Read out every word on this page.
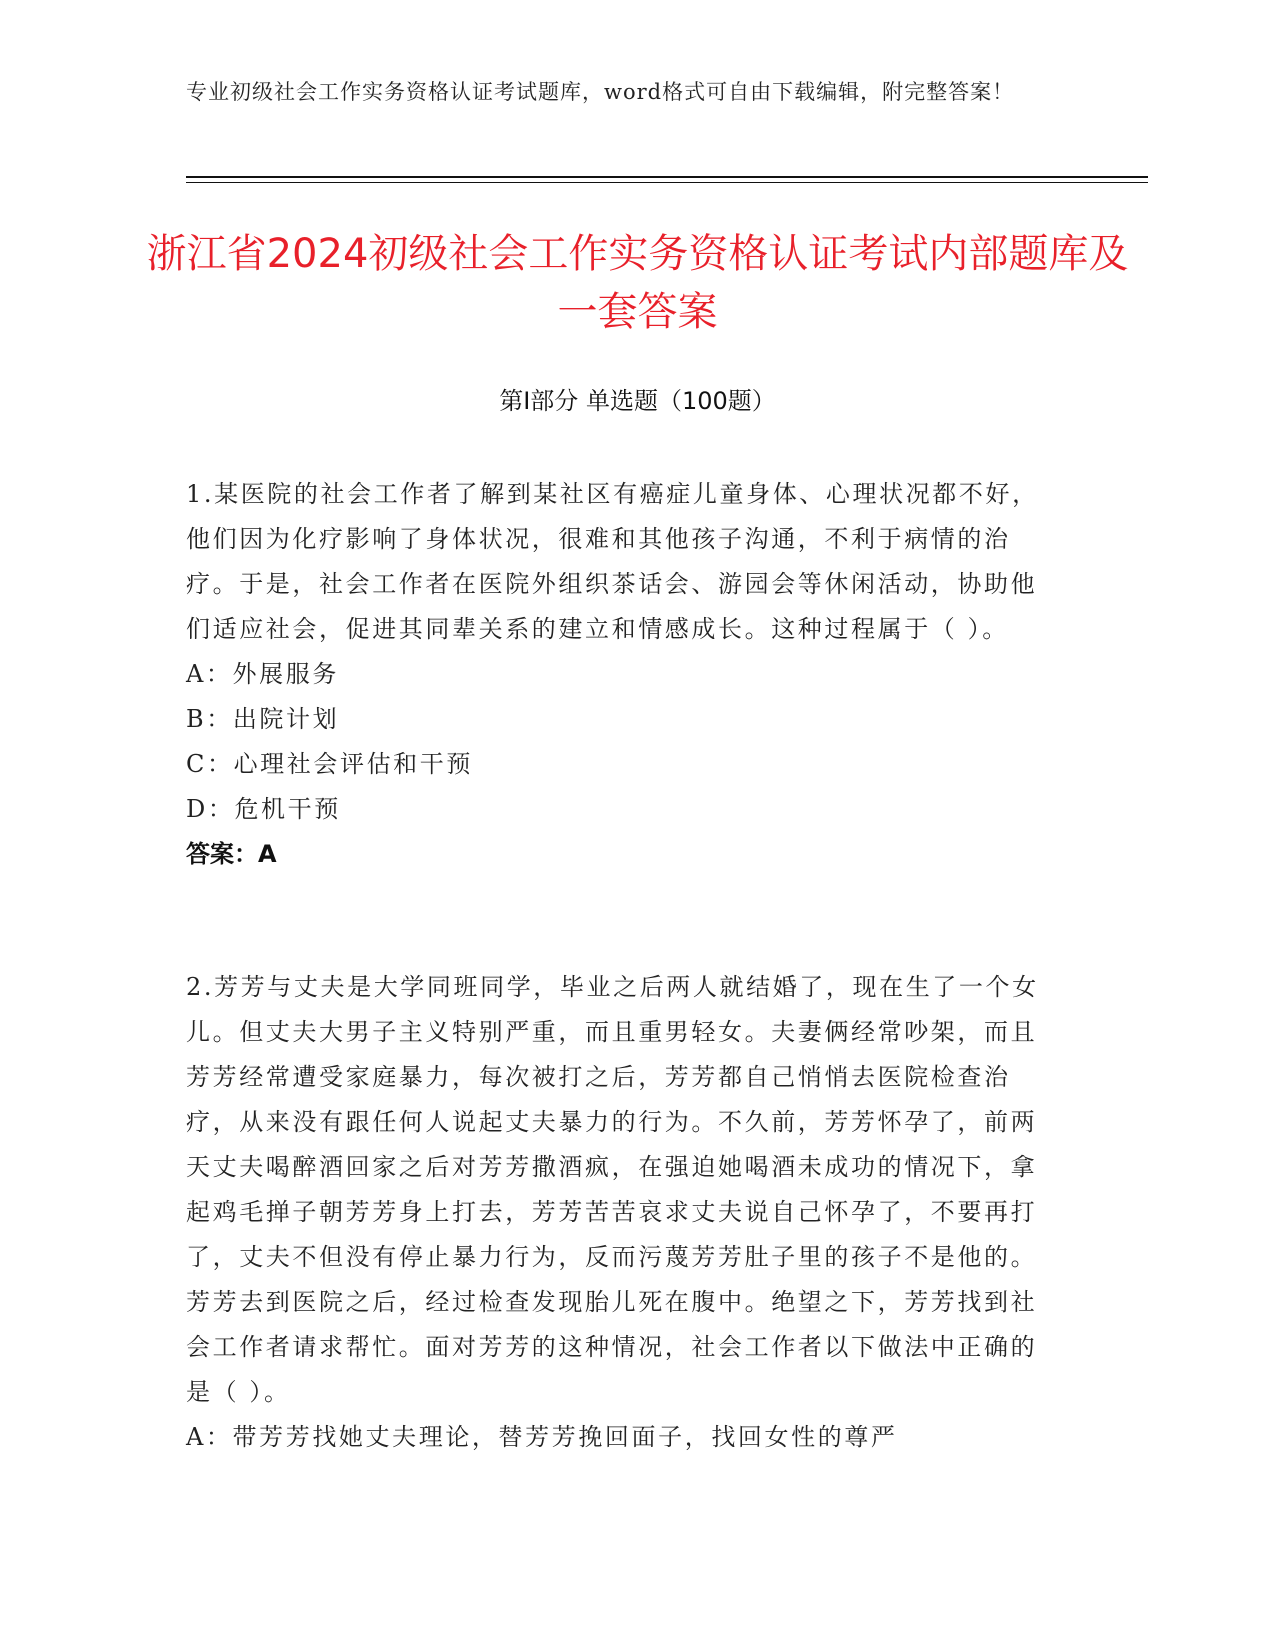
专业初级社会工作实务资格认证考试题库，word格式可自由下载编辑，附完整答案！
浙江省2024初级社会工作实务资格认证考试内部题库及一套答案
第Ⅰ部分 单选题（100题）

1.某医院的社会工作者了解到某社区有癌症儿童身体、心理状况都不好，他们因为化疗影响了身体状况，很难和其他孩子沟通，不利于病情的治疗。于是，社会工作者在医院外组织茶话会、游园会等休闲活动，协助他们适应社会，促进其同辈关系的建立和情感成长。这种过程属于（ ）。

A：外展服务

B：出院计划

C：心理社会评估和干预

D：危机干预

答案：A

2.芳芳与丈夫是大学同班同学，毕业之后两人就结婚了，现在生了一个女儿。但丈夫大男子主义特别严重，而且重男轻女。夫妻俩经常吵架，而且芳芳经常遭受家庭暴力，每次被打之后，芳芳都自己悄悄去医院检查治疗，从来没有跟任何人说起丈夫暴力的行为。不久前，芳芳怀孕了，前两天丈夫喝醉酒回家之后对芳芳撒酒疯，在强迫她喝酒未成功的情况下，拿起鸡毛掸子朝芳芳身上打去，芳芳苦苦哀求丈夫说自己怀孕了，不要再打了，丈夫不但没有停止暴力行为，反而污蔑芳芳肚子里的孩子不是他的。芳芳去到医院之后，经过检查发现胎儿死在腹中。绝望之下，芳芳找到社会工作者请求帮忙。面对芳芳的这种情况，社会工作者以下做法中正确的是（ ）。

A：带芳芳找她丈夫理论，替芳芳挽回面子，找回女性的尊严
